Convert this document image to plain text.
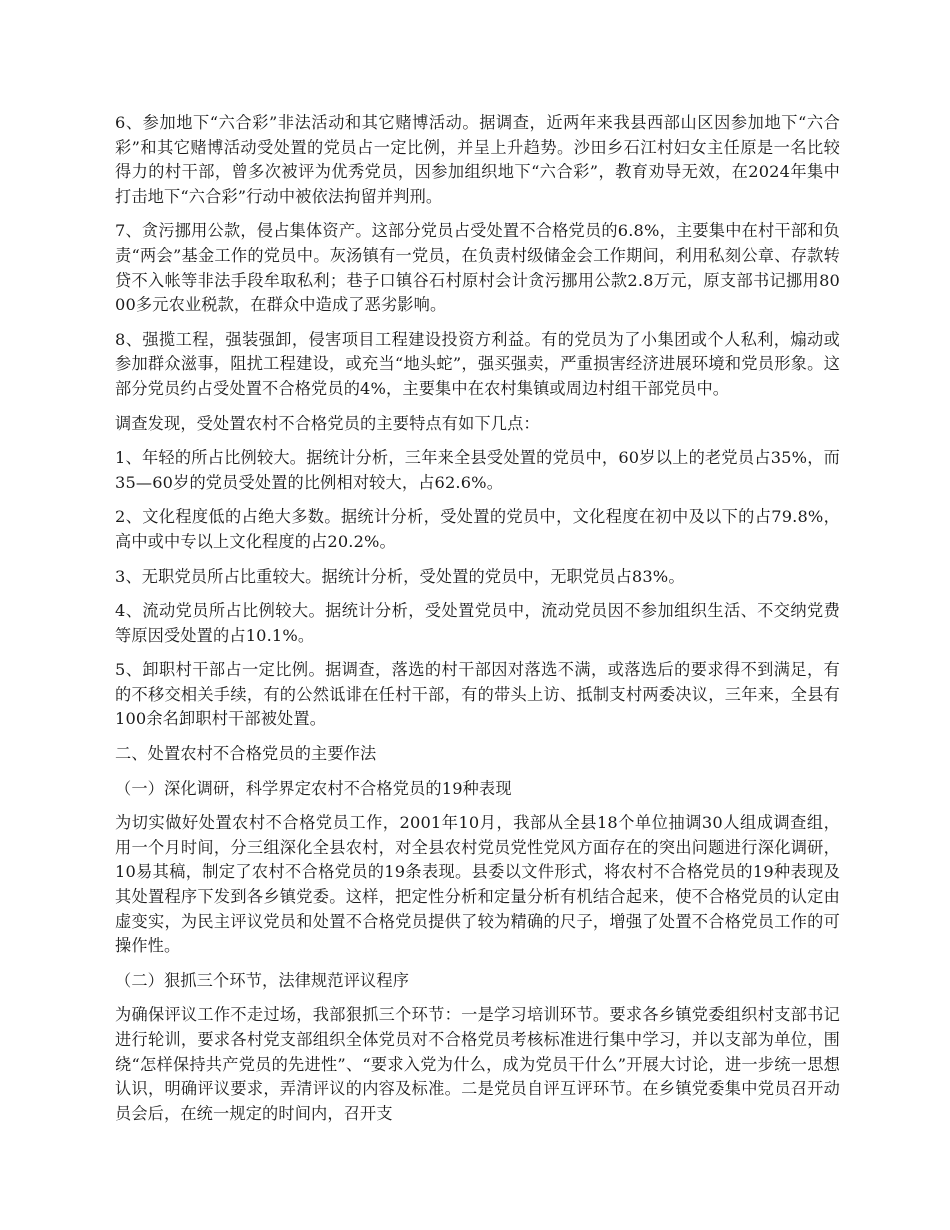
6、参加地下“六合彩”非法活动和其它赌博活动。据调查，近两年来我县西部山区因参加地下“六合彩”和其它赌博活动受处置的党员占一定比例，并呈上升趋势。沙田乡石江村妇女主任原是一名比较得力的村干部，曾多次被评为优秀党员，因参加组织地下“六合彩”，教育劝导无效，在2024年集中打击地下“六合彩”行动中被依法拘留并判刑。

7、贪污挪用公款，侵占集体资产。这部分党员占受处置不合格党员的6.8%，主要集中在村干部和负责“两会”基金工作的党员中。灰汤镇有一党员，在负责村级储金会工作期间，利用私刻公章、存款转贷不入帐等非法手段牟取私利；巷子口镇谷石村原村会计贪污挪用公款2.8万元，原支部书记挪用8000多元农业税款，在群众中造成了恶劣影响。

8、强揽工程，强装强卸，侵害项目工程建设投资方利益。有的党员为了小集团或个人私利，煽动或参加群众滋事，阻扰工程建设，或充当“地头蛇”，强买强卖，严重损害经济进展环境和党员形象。这部分党员约占受处置不合格党员的4%，主要集中在农村集镇或周边村组干部党员中。

调查发现，受处置农村不合格党员的主要特点有如下几点：

1、年轻的所占比例较大。据统计分析，三年来全县受处置的党员中，60岁以上的老党员占35%，而35—60岁的党员受处置的比例相对较大，占62.6%。

2、文化程度低的占绝大多数。据统计分析，受处置的党员中，文化程度在初中及以下的占79.8%，高中或中专以上文化程度的占20.2%。

3、无职党员所占比重较大。据统计分析，受处置的党员中，无职党员占83%。

4、流动党员所占比例较大。据统计分析，受处置党员中，流动党员因不参加组织生活、不交纳党费等原因受处置的占10.1%。

5、卸职村干部占一定比例。据调查，落选的村干部因对落选不满，或落选后的要求得不到满足，有的不移交相关手续，有的公然诋诽在任村干部，有的带头上访、抵制支村两委决议，三年来，全县有100余名卸职村干部被处置。

二、处置农村不合格党员的主要作法

（一）深化调研，科学界定农村不合格党员的19种表现

为切实做好处置农村不合格党员工作，2001年10月，我部从全县18个单位抽调30人组成调查组，用一个月时间，分三组深化全县农村，对全县农村党员党性党风方面存在的突出问题进行深化调研，10易其稿，制定了农村不合格党员的19条表现。县委以文件形式，将农村不合格党员的19种表现及其处置程序下发到各乡镇党委。这样，把定性分析和定量分析有机结合起来，使不合格党员的认定由虚变实，为民主评议党员和处置不合格党员提供了较为精确的尺子，增强了处置不合格党员工作的可操作性。

（二）狠抓三个环节，法律规范评议程序

为确保评议工作不走过场，我部狠抓三个环节：一是学习培训环节。要求各乡镇党委组织村支部书记进行轮训，要求各村党支部组织全体党员对不合格党员考核标准进行集中学习，并以支部为单位，围绕“怎样保持共产党员的先进性”、“要求入党为什么，成为党员干什么”开展大讨论，进一步统一思想认识，明确评议要求，弄清评议的内容及标准。二是党员自评互评环节。在乡镇党委集中党员召开动员会后，在统一规定的时间内，召开支
